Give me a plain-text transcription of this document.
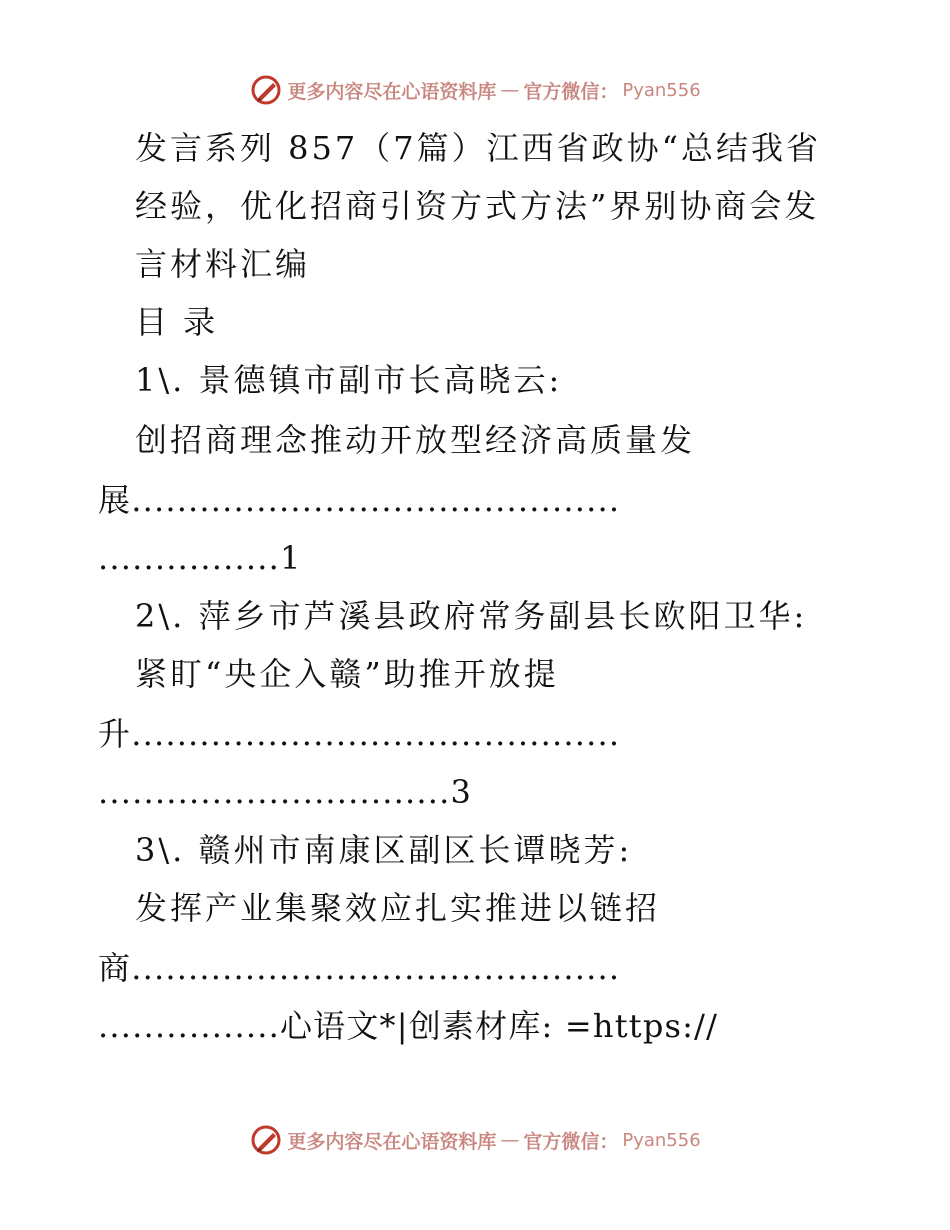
更多内容尽在心语资料库 — 官方微信： Pyan556
发言系列 857（7篇）江西省政协“总结我省
经验，优化招商引资方式方法”界别协商会发
言材料汇编
目 录
1\. 景德镇市副市长高晓云:
创招商理念推动开放型经济高质量发
展...........................................
................1
2\. 萍乡市芦溪县政府常务副县长欧阳卫华:
紧盯“央企入赣”助推开放提
升...........................................
...............................3
3\. 赣州市南康区副区长谭晓芳:
发挥产业集聚效应扎实推进以链招
商...........................................
................心语文*|创素材库: =https://
更多内容尽在心语资料库 — 官方微信： Pyan556
